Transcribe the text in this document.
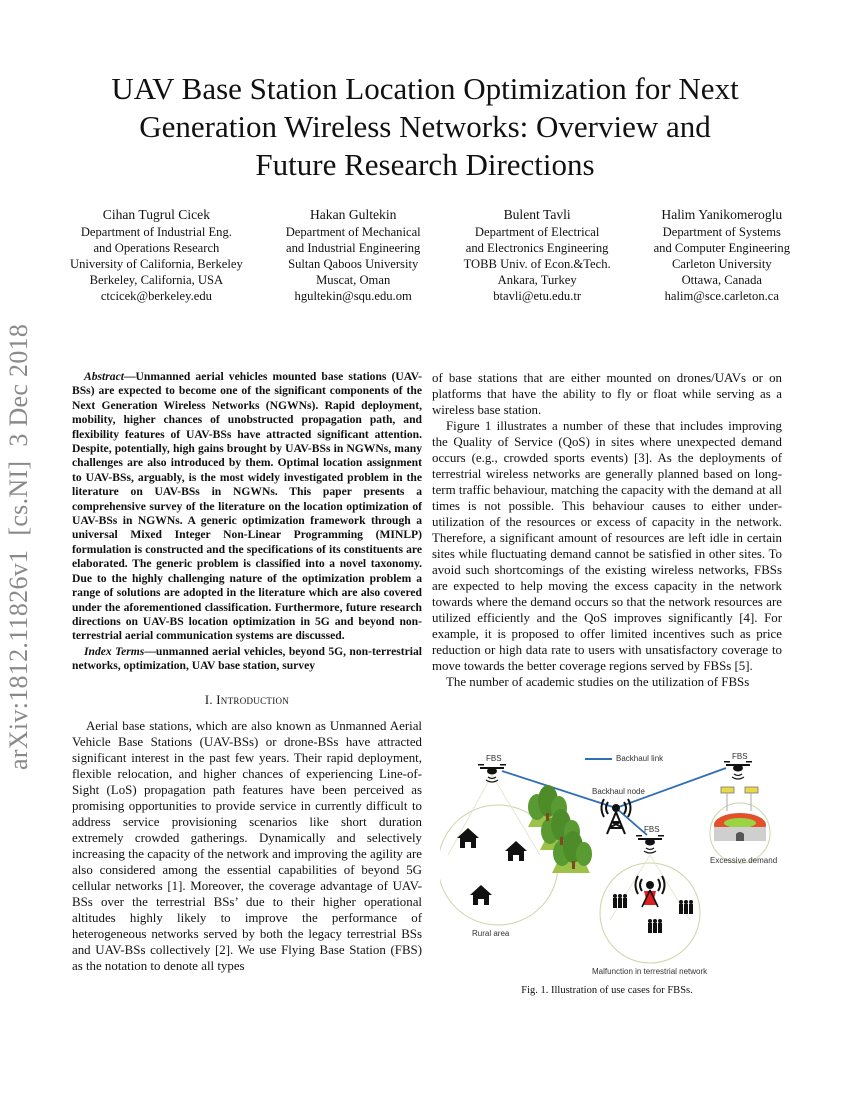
UAV Base Station Location Optimization for Next
Generation Wireless Networks: Overview and
Future Research Directions
Cihan Tugrul Cicek
Department of Industrial Eng.
and Operations Research
University of California, Berkeley
Berkeley, California, USA
ctcicek@berkeley.edu
Hakan Gultekin
Department of Mechanical
and Industrial Engineering
Sultan Qaboos University
Muscat, Oman
hgultekin@squ.edu.om
Bulent Tavli
Department of Electrical
and Electronics Engineering
TOBB Univ. of Econ.&Tech.
Ankara, Turkey
btavli@etu.edu.tr
Halim Yanikomeroglu
Department of Systems
and Computer Engineering
Carleton University
Ottawa, Canada
halim@sce.carleton.ca
arXiv:1812.11826v1[cs.NI]3 Dec 2018	Abstract—Unmanned aerial vehicles mounted base stations (UAV-BSs) are expected to become one of the significant components of the Next Generation Wireless Networks (NGWNs). Rapid deployment, mobility, higher chances of unobstructed propagation path, and flexibility features of UAV-BSs have attracted significant attention. Despite, potentially, high gains brought by UAV-BSs in NGWNs, many challenges are also introduced by them. Optimal location assignment to UAV-BSs, arguably, is the most widely investigated problem in the literature on UAV-BSs in NGWNs. This paper presents a comprehensive survey of the literature on the location optimization of UAV-BSs in NGWNs. A generic optimization framework through a universal Mixed Integer Non-Linear Programming (MINLP) formulation is constructed and the specifications of its constituents are elaborated. The generic problem is classified into a novel taxonomy. Due to the highly challenging nature of the optimization problem a range of solutions are adopted in the literature which are also covered under the aforementioned classification. Furthermore, future research directions on UAV-BS location optimization in 5G and beyond non-terrestrial aerial communication systems are discussed.

Index Terms—unmanned aerial vehicles, beyond 5G, non-terrestrial networks, optimization, UAV base station, survey

I. Introduction

Aerial base stations, which are also known as Unmanned Aerial Vehicle Base Stations (UAV-BSs) or drone-BSs have attracted significant interest in the past few years. Their rapid deployment, flexible relocation, and higher chances of experiencing Line-of-Sight (LoS) propagation path features have been perceived as promising opportunities to provide service in currently difficult to address service provisioning scenarios like short duration extremely crowded gatherings. Dynamically and selectively increasing the capacity of the network and improving the agility are also considered among the essential capabilities of beyond 5G cellular networks [1]. Moreover, the coverage advantage of UAV-BSs over the terrestrial BSs’ due to their higher operational altitudes highly likely to improve the performance of heterogeneous networks served by both the legacy terrestrial BSs and UAV-BSs collectively [2]. We use Flying Base Station (FBS) as the notation to denote all types

of base stations that are either mounted on drones/UAVs or on platforms that have the ability to fly or float while serving as a wireless base station.

Figure 1 illustrates a number of these that includes improving the Quality of Service (QoS) in sites where unexpected demand occurs (e.g., crowded sports events) [3]. As the deployments of terrestrial wireless networks are generally planned based on long-term traffic behaviour, matching the capacity with the demand at all times is not possible. This behaviour causes to either under-utilization of the resources or excess of capacity in the network. Therefore, a significant amount of resources are left idle in certain sites while fluctuating demand cannot be satisfied in other sites. To avoid such shortcomings of the existing wireless networks, FBSs are expected to help moving the excess capacity in the network towards where the demand occurs so that the network resources are utilized efficiently and the QoS improves significantly [4]. For example, it is proposed to offer limited incentives such as price reduction or high data rate to users with unsatisfactory coverage to move towards the better coverage regions served by FBSs [5].

The number of academic studies on the utilization of FBSs

Backhaul link
FBS	FBS
FBS
Backhaul node
Excessive demand
Rural area
Malfunction in terrestrial network
Fig. 1. Illustration of use cases for FBSs.
